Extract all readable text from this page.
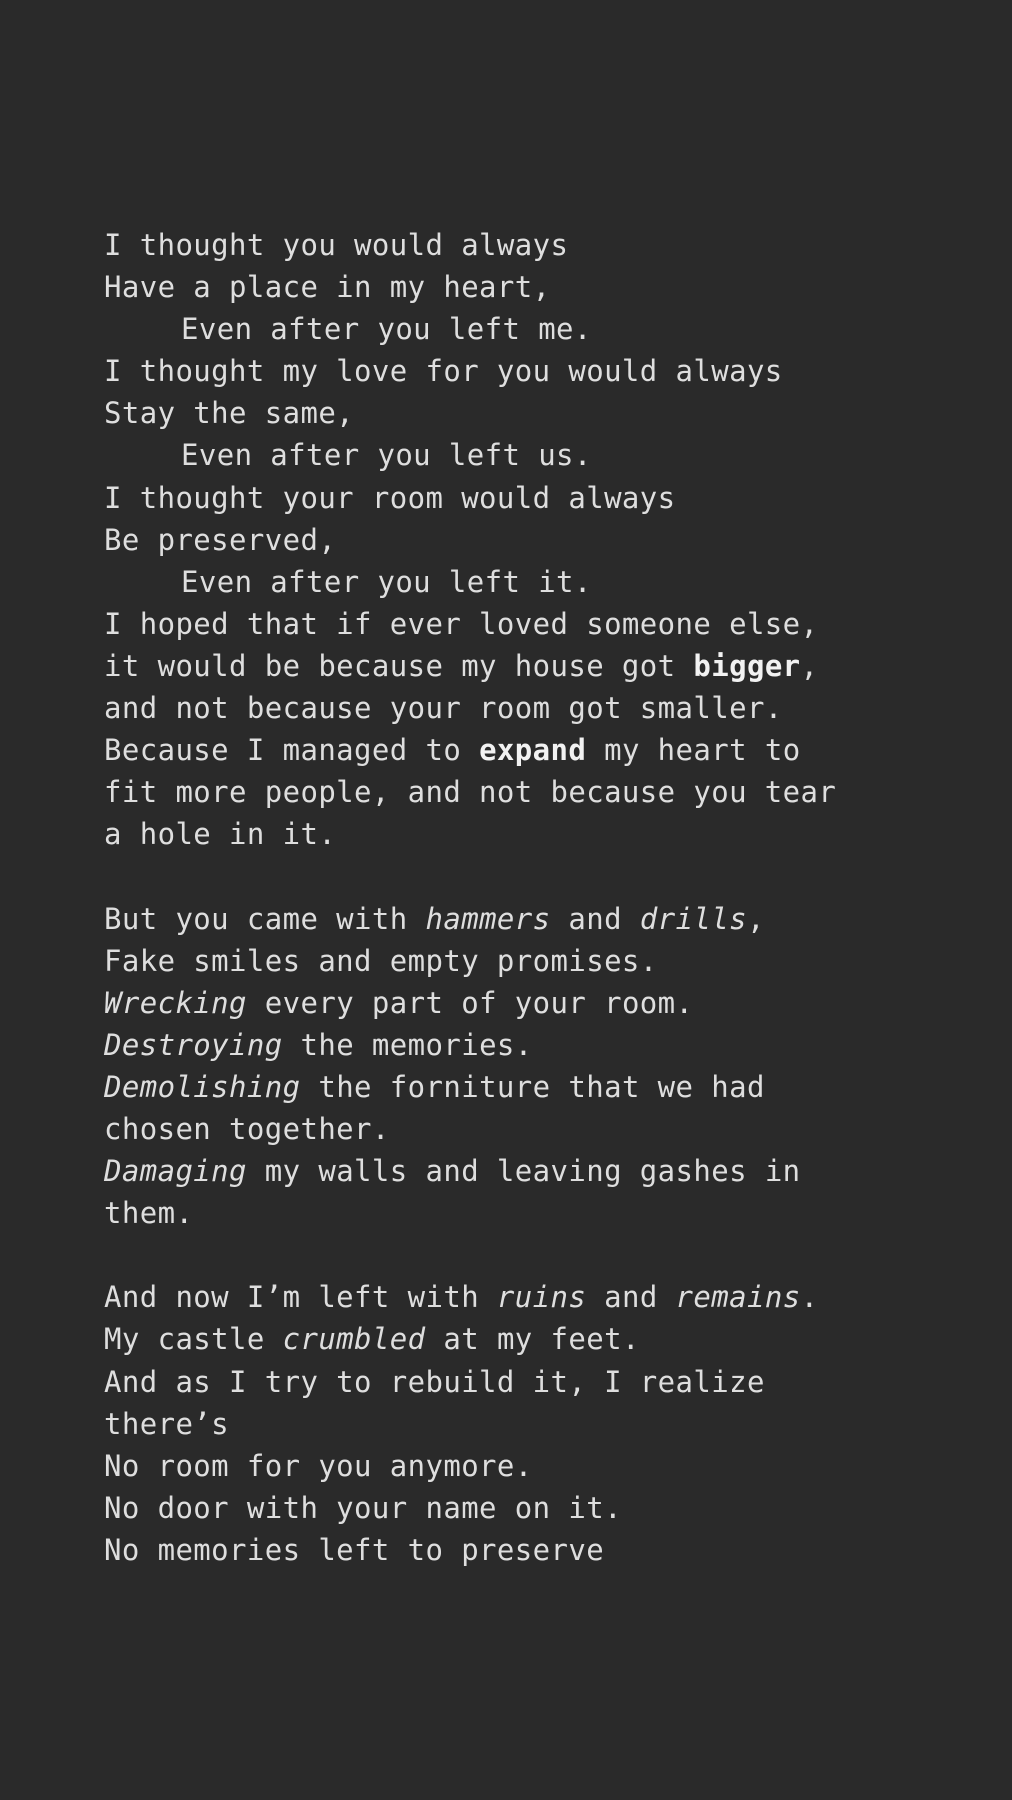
I thought you would always
Have a place in my heart,
Even after you left me.
I thought my love for you would always
Stay the same,
Even after you left us.
I thought your room would always
Be preserved,
Even after you left it.
I hoped that if ever loved someone else,
it would be because my house got bigger,
and not because your room got smaller.
Because I managed to expand my heart to
fit more people, and not because you tear
a hole in it.
But you came with hammers and drills,
Fake smiles and empty promises.
Wrecking every part of your room.
Destroying the memories.
Demolishing the forniture that we had
chosen together.
Damaging my walls and leaving gashes in
them.
And now I’m left with ruins and remains.
My castle crumbled at my feet.
And as I try to rebuild it, I realize
there’s
No room for you anymore.
No door with your name on it.
No memories left to preserve
